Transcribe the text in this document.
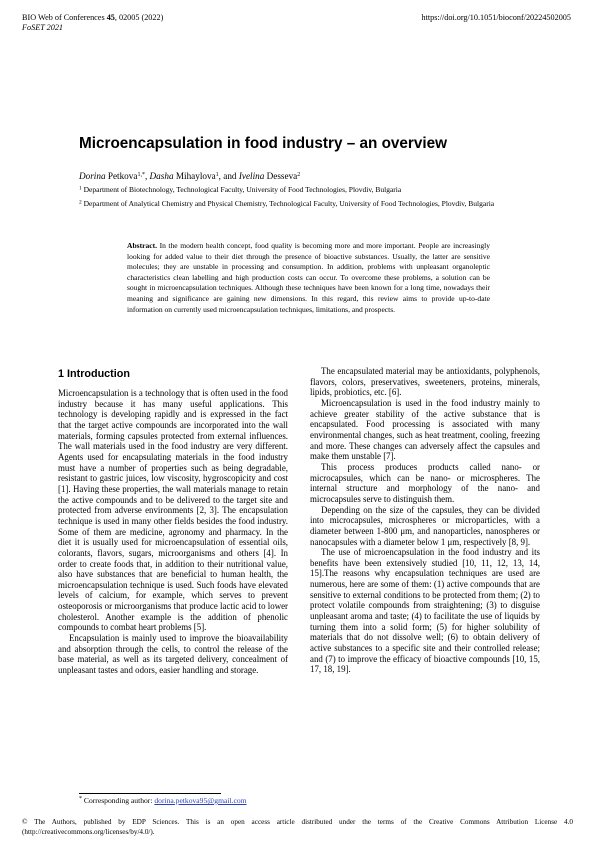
BIO Web of Conferences 45, 02005 (2022)
FoSET 2021
https://doi.org/10.1051/bioconf/20224502005
Microencapsulation in food industry – an overview
Dorina Petkova$^{1,*}$, Dasha Mihaylova$^1$, and Ivelina Desseva$^2$
$^1$ Department of Biotechnology, Technological Faculty, University of Food Technologies, Plovdiv, Bulgaria
$^2$ Department of Analytical Chemistry and Physical Chemistry, Technological Faculty, University of Food Technologies, Plovdiv, Bulgaria
Abstract. In the modern health concept, food quality is becoming more and more important. People are increasingly looking for added value to their diet through the presence of bioactive substances. Usually, the latter are sensitive molecules; they are unstable in processing and consumption. In addition, problems with unpleasant organoleptic characteristics clean labelling and high production costs can occur. To overcome these problems, a solution can be sought in microencapsulation techniques. Although these techniques have been known for a long time, nowadays their meaning and significance are gaining new dimensions. In this regard, this review aims to provide up-to-date information on currently used microencapsulation techniques, limitations, and prospects.
1 Introduction

Microencapsulation is a technology that is often used in the food industry because it has many useful applications. This technology is developing rapidly and is expressed in the fact that the target active compounds are incorporated into the wall materials, forming capsules protected from external influences. The wall materials used in the food industry are very different. Agents used for encapsulating materials in the food industry must have a number of properties such as being degradable, resistant to gastric juices, low viscosity, hygroscopicity and cost [1]. Having these properties, the wall materials manage to retain the active compounds and to be delivered to the target site and protected from adverse environments [2, 3]. The encapsulation technique is used in many other fields besides the food industry. Some of them are medicine, agronomy and pharmacy. In the diet it is usually used for microencapsulation of essential oils, colorants, flavors, sugars, microorganisms and others [4]. In order to create foods that, in addition to their nutritional value, also have substances that are beneficial to human health, the microencapsulation technique is used. Such foods have elevated levels of calcium, for example, which serves to prevent osteoporosis or microorganisms that produce lactic acid to lower cholesterol. Another example is the addition of phenolic compounds to combat heart problems [5].

Encapsulation is mainly used to improve the bioavailability and absorption through the cells, to control the release of the base material, as well as its targeted delivery, concealment of unpleasant tastes and odors, easier handling and storage.

The encapsulated material may be antioxidants, polyphenols, flavors, colors, preservatives, sweeteners, proteins, minerals, lipids, probiotics, etc. [6].

Microencapsulation is used in the food industry mainly to achieve greater stability of the active substance that is encapsulated. Food processing is associated with many environmental changes, such as heat treatment, cooling, freezing and more. These changes can adversely affect the capsules and make them unstable [7].

This process produces products called nano- or microcapsules, which can be nano- or microspheres. The internal structure and morphology of the nano- and microcapsules serve to distinguish them.

Depending on the size of the capsules, they can be divided into microcapsules, microspheres or microparticles, with a diameter between 1-800 μm, and nanoparticles, nanospheres or nanocapsules with a diameter below 1 μm, respectively [8, 9].

The use of microencapsulation in the food industry and its benefits have been extensively studied [10, 11, 12, 13, 14, 15].The reasons why encapsulation techniques are used are numerous, here are some of them: (1) active compounds that are sensitive to external conditions to be protected from them; (2) to protect volatile compounds from straightening; (3) to disguise unpleasant aroma and taste; (4) to facilitate the use of liquids by turning them into a solid form; (5) for higher solubility of materials that do not dissolve well; (6) to obtain delivery of active substances to a specific site and their controlled release; and (7) to improve the efficacy of bioactive compounds [10, 15, 17, 18, 19].

* Corresponding author: dorina.petkova95@gmail.com
© The Authors, published by EDP Sciences. This is an open access article distributed under the terms of the Creative Commons Attribution License 4.0 (http://creativecommons.org/licenses/by/4.0/).
